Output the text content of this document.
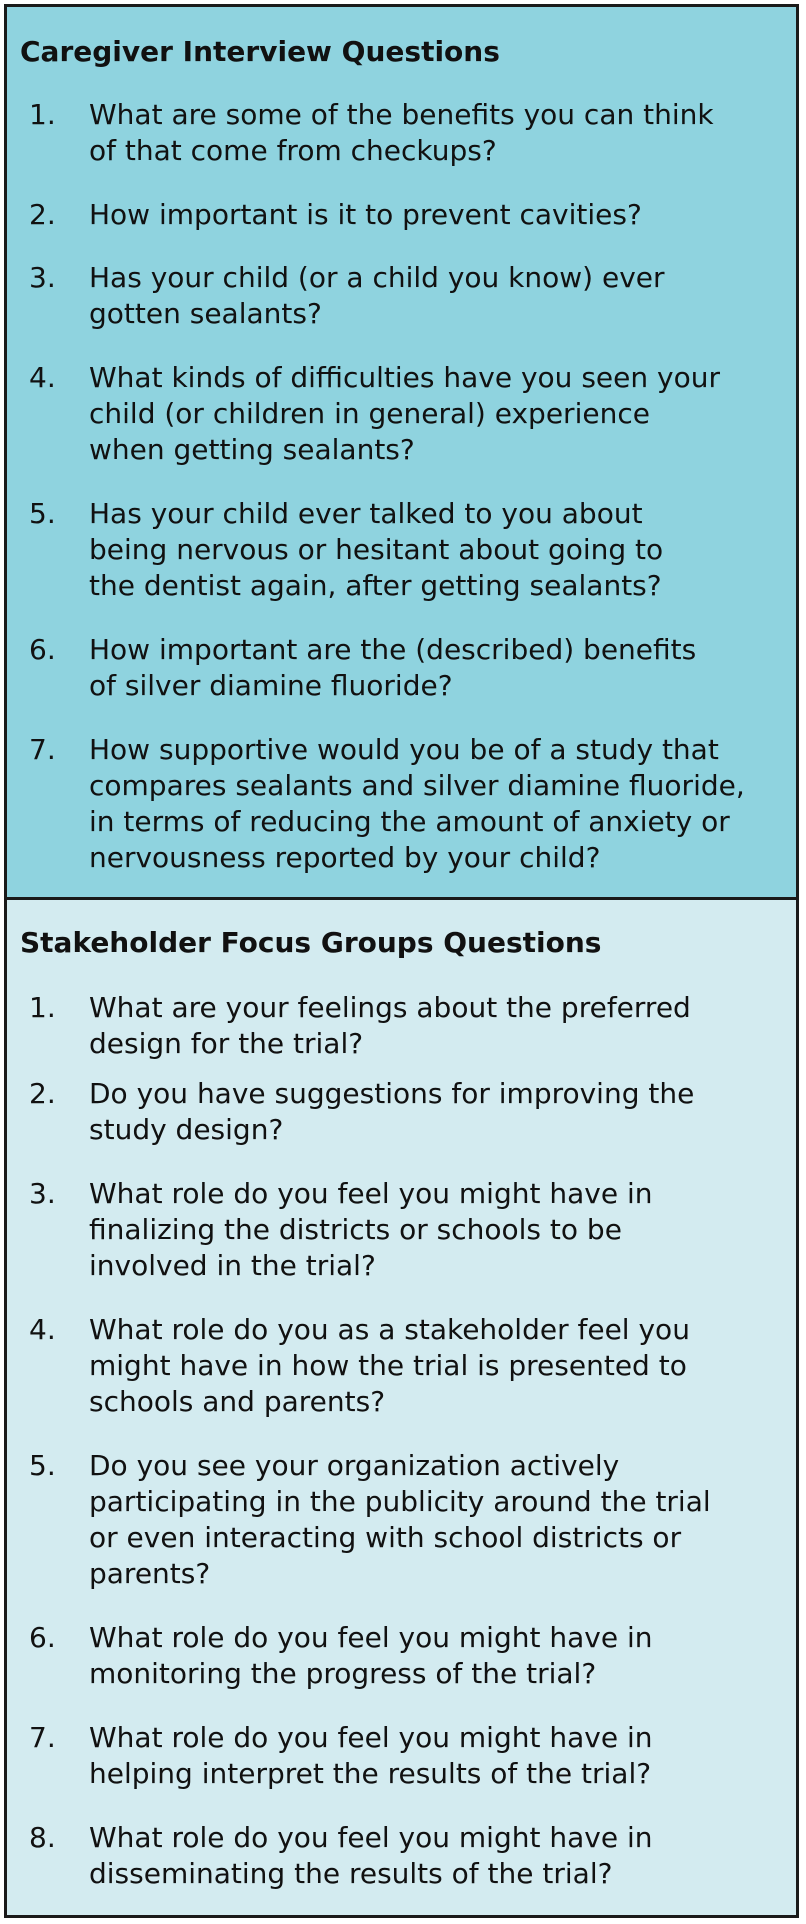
Caregiver Interview Questions
1.	What are some of the benefits you can think
of that come from checkups?
2.	How important is it to prevent cavities?
3.	Has your child (or a child you know) ever
gotten sealants?
4.	What kinds of difficulties have you seen your
child (or children in general) experience
when getting sealants?
5.	Has your child ever talked to you about
being nervous or hesitant about going to
the dentist again, after getting sealants?
6.	How important are the (described) benefits
of silver diamine fluoride?
7.	How supportive would you be of a study that
compares sealants and silver diamine fluoride,
in terms of reducing the amount of anxiety or
nervousness reported by your child?
Stakeholder Focus Groups Questions
1.	What are your feelings about the preferred
design for the trial?
2.	Do you have suggestions for improving the
study design?
3.	What role do you feel you might have in
finalizing the districts or schools to be
involved in the trial?
4.	What role do you as a stakeholder feel you
might have in how the trial is presented to
schools and parents?
5.	Do you see your organization actively
participating in the publicity around the trial
or even interacting with school districts or
parents?
6.	What role do you feel you might have in
monitoring the progress of the trial?
7.	What role do you feel you might have in
helping interpret the results of the trial?
8.	What role do you feel you might have in
disseminating the results of the trial?
